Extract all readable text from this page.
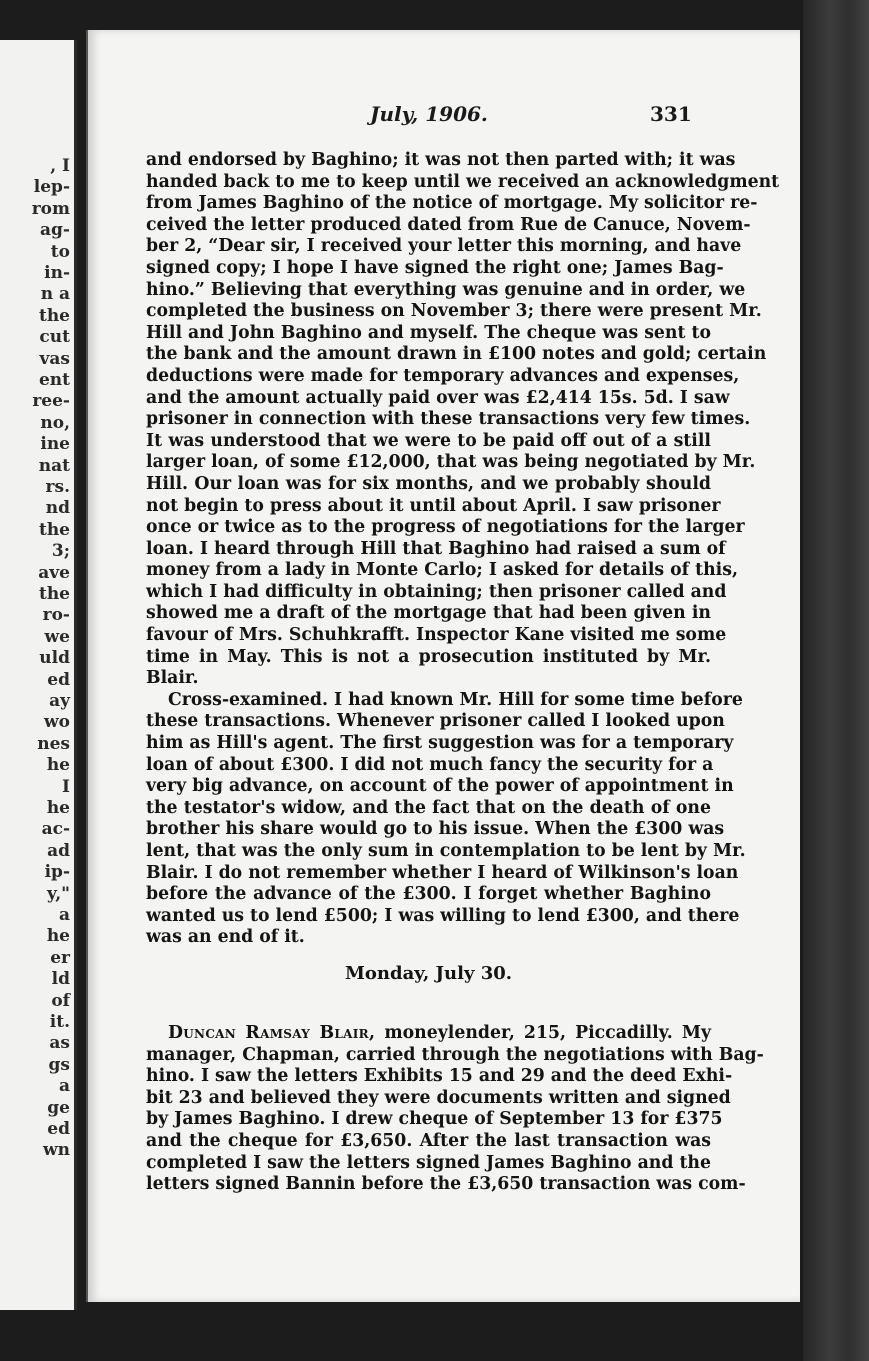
, I
lep-
rom
ag-
to
in-
n a
the
cut
vas
ent
ree-
no,
ine
nat
rs.
nd
the
3;
ave
the
ro-
we
uld
ed
ay
wo
nes
he
I
he
ac-
ad
ip-
y,"
a
he
er
ld
of
it.
as
gs
a
ge
ed
wn
July, 1906.	331
and endorsed by Baghino; it was not then parted with; it was
handed back to me to keep until we received an acknowledgment
from James Baghino of the notice of mortgage. My solicitor re-
ceived the letter produced dated from Rue de Canuce, Novem-
ber 2, “Dear sir, I received your letter this morning, and have
signed copy; I hope I have signed the right one; James Bag-
hino.” Believing that everything was genuine and in order, we
completed the business on November 3; there were present Mr.
Hill and John Baghino and myself. The cheque was sent to
the bank and the amount drawn in £100 notes and gold; certain
deductions were made for temporary advances and expenses,
and the amount actually paid over was £2,414 15s. 5d. I saw
prisoner in connection with these transactions very few times.
It was understood that we were to be paid off out of a still
larger loan, of some £12,000, that was being negotiated by Mr.
Hill. Our loan was for six months, and we probably should
not begin to press about it until about April. I saw prisoner
once or twice as to the progress of negotiations for the larger
loan. I heard through Hill that Baghino had raised a sum of
money from a lady in Monte Carlo; I asked for details of this,
which I had difficulty in obtaining; then prisoner called and
showed me a draft of the mortgage that had been given in
favour of Mrs. Schuhkrafft. Inspector Kane visited me some
time in May. This is not a prosecution instituted by Mr.
Blair.
Cross-examined. I had known Mr. Hill for some time before
these transactions. Whenever prisoner called I looked upon
him as Hill's agent. The first suggestion was for a temporary
loan of about £300. I did not much fancy the security for a
very big advance, on account of the power of appointment in
the testator's widow, and the fact that on the death of one
brother his share would go to his issue. When the £300 was
lent, that was the only sum in contemplation to be lent by Mr.
Blair. I do not remember whether I heard of Wilkinson's loan
before the advance of the £300. I forget whether Baghino
wanted us to lend £500; I was willing to lend £300, and there
was an end of it.
Monday, July 30.
Duncan Ramsay Blair, moneylender, 215, Piccadilly. My
manager, Chapman, carried through the negotiations with Bag-
hino. I saw the letters Exhibits 15 and 29 and the deed Exhi-
bit 23 and believed they were documents written and signed
by James Baghino. I drew cheque of September 13 for £375
and the cheque for £3,650. After the last transaction was
completed I saw the letters signed James Baghino and the
letters signed Bannin before the £3,650 transaction was com-
